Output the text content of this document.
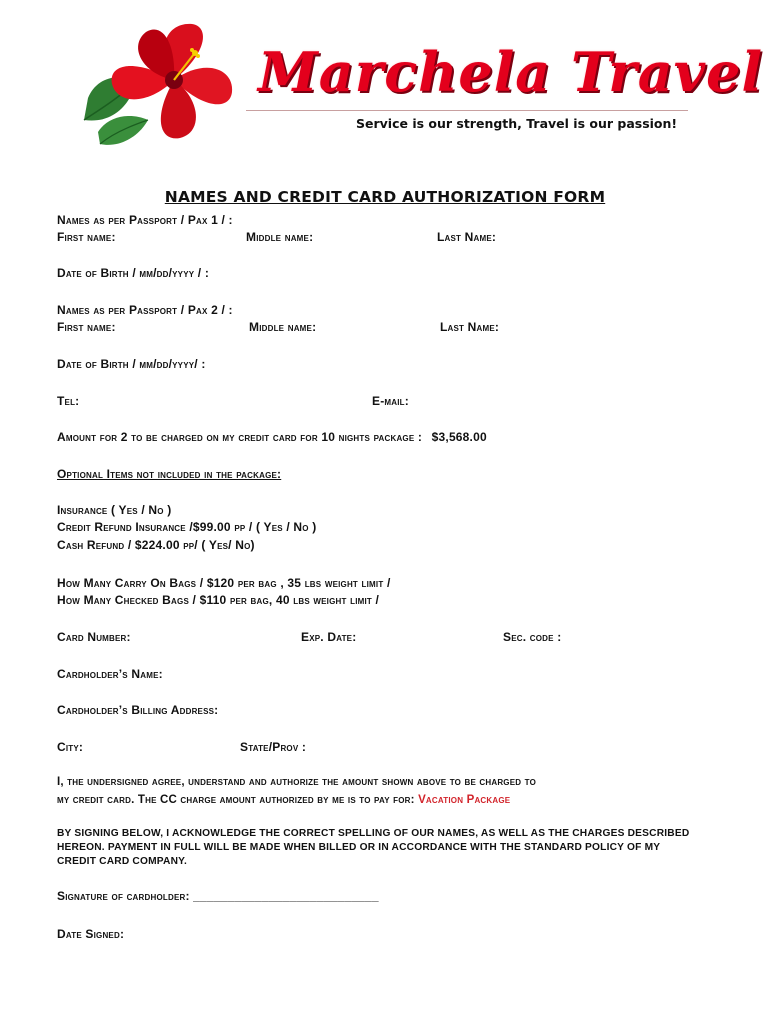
Marchela Travel
Service is our strength, Travel is our passion!
NAMES AND CREDIT CARD AUTHORIZATION FORM
Names as per Passport / Pax 1 / :
First name:	Middle name:	Last Name:
Date of Birth / mm/dd/yyyy / :
Names as per Passport / Pax 2 / :
First name:	Middle name:	Last Name:
Date of Birth / mm/dd/yyyy/ :
Tel:	E-mail:
Amount for 2 to be charged on my credit card for 10 nights package : $3,568.00
Optional Items not included in the package:
Insurance ( Yes / No )
Credit Refund Insurance /$99.00 pp / ( Yes / No )
Cash Refund / $224.00 pp/ ( Yes/ No)
How Many Carry On Bags / $120 per bag , 35 lbs weight limit /
How Many Checked Bags / $110 per bag, 40 lbs weight limit /
Card Number:	Exp. Date:	Sec. code :
Cardholder’s Name:
Cardholder’s Billing Address:
City:	State/Prov :
I, the undersigned agree, understand and authorize the amount shown above to be charged to
my credit card. The CC charge amount authorized by me is to pay for: Vacation Package
BY SIGNING BELOW, I ACKNOWLEDGE THE CORRECT SPELLING OF OUR NAMES, AS WELL AS THE CHARGES DESCRIBED
HEREON. PAYMENT IN FULL WILL BE MADE WHEN BILLED OR IN ACCORDANCE WITH THE STANDARD POLICY OF MY
CREDIT CARD COMPANY.
Signature of cardholder: ___________________________
Date Signed:
